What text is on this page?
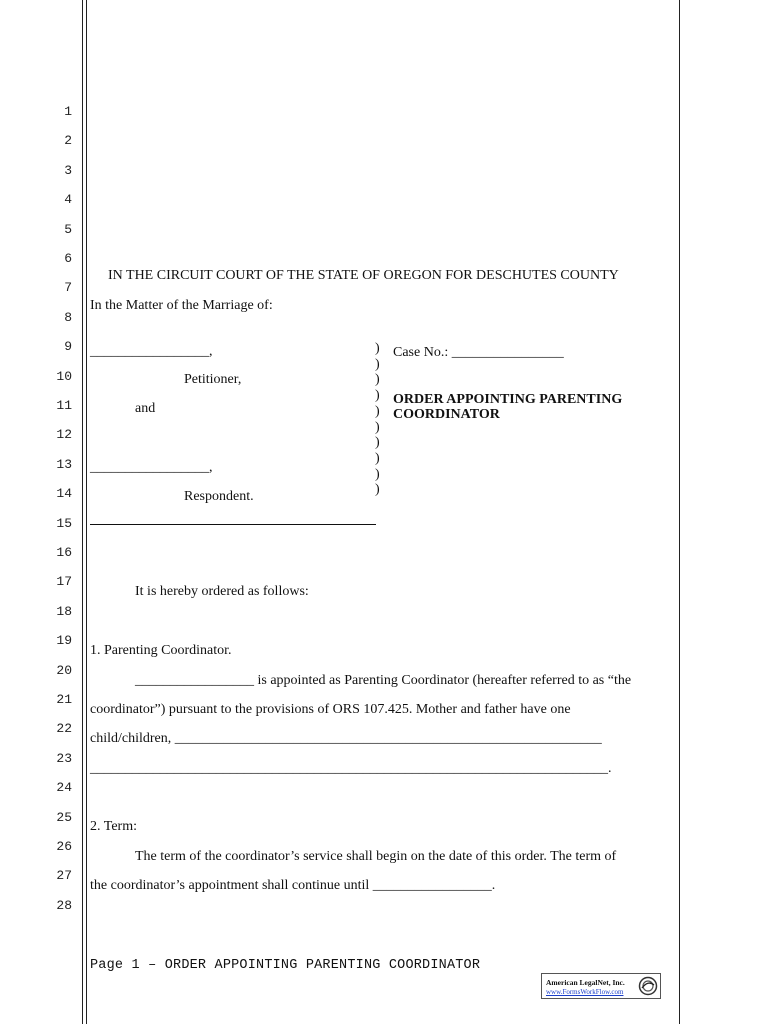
1
2
3
4
5
6
7
8
9
10
11
12
13
14
15
16
17
18
19
20
21
22
23
24
25
26
27
28
IN THE CIRCUIT COURT OF THE STATE OF OREGON FOR DESCHUTES COUNTY
In the Matter of the Marriage of:
_________________,
Petitioner,
and
_________________,
Respondent.
)
)
)
)
)
)
)
)
)
)
Case No.: ________________
ORDER APPOINTING PARENTING
COORDINATOR
It is hereby ordered as follows:
1. Parenting Coordinator.
_________________ is appointed as Parenting Coordinator (hereafter referred to as “the
coordinator”) pursuant to the provisions of ORS 107.425. Mother and father have one
child/children, _____________________________________________________________
__________________________________________________________________________.
2. Term:
The term of the coordinator’s service shall begin on the date of this order. The term of
the coordinator’s appointment shall continue until _________________.
Page 1 – ORDER APPOINTING PARENTING COORDINATOR
American LegalNet, Inc.
www.FormsWorkFlow.com
